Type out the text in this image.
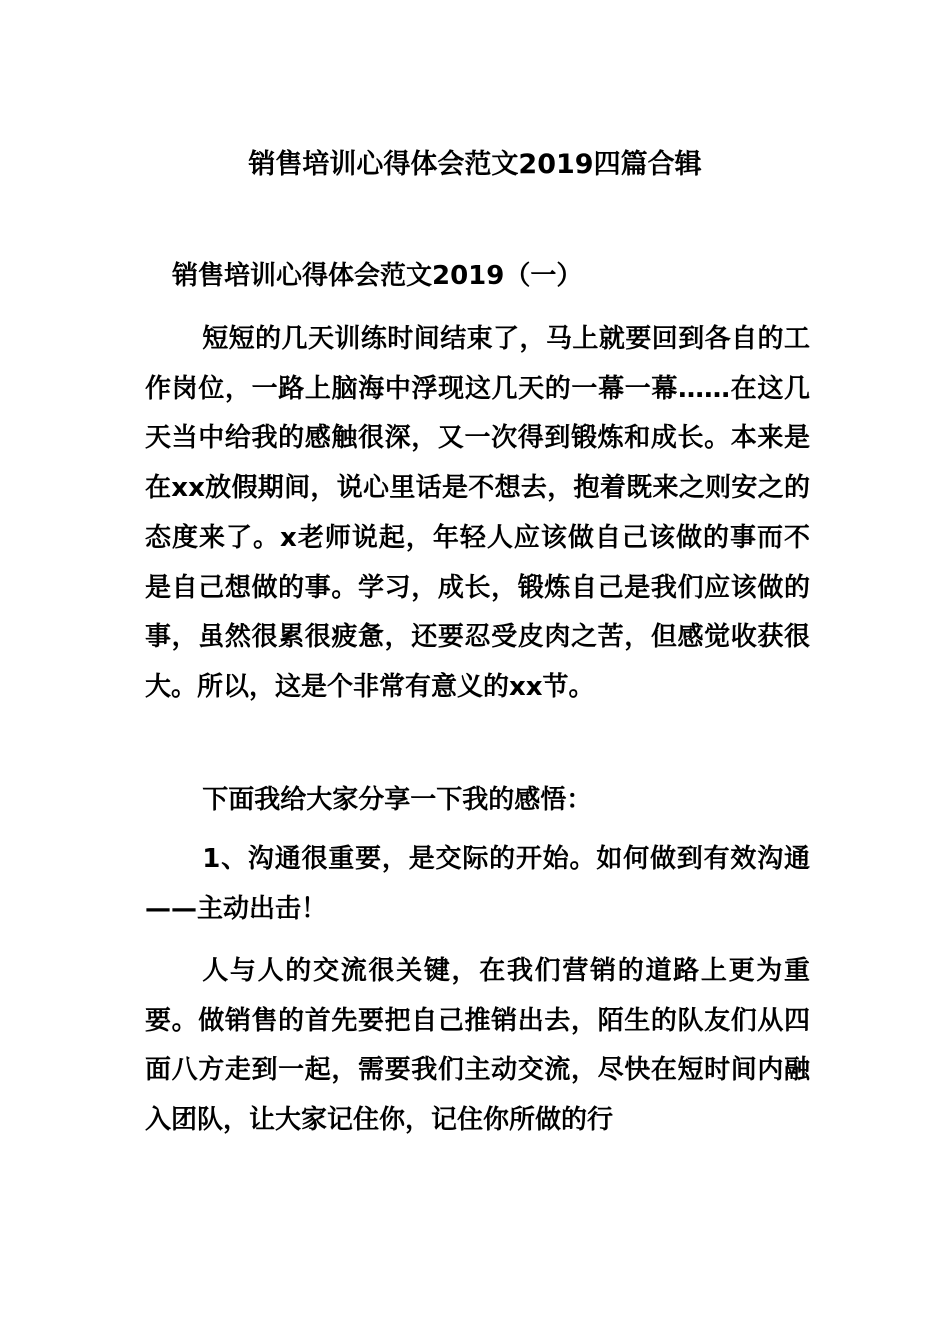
销售培训心得体会范文2019四篇合辑
销售培训心得体会范文2019（一）

短短的几天训练时间结束了，马上就要回到各自的工作岗位，一路上脑海中浮现这几天的一幕一幕……在这几天当中给我的感触很深，又一次得到锻炼和成长。本来是在xx放假期间，说心里话是不想去，抱着既来之则安之的态度来了。x老师说起，年轻人应该做自己该做的事而不是自己想做的事。学习，成长，锻炼自己是我们应该做的事，虽然很累很疲惫，还要忍受皮肉之苦，但感觉收获很大。所以，这是个非常有意义的xx节。

下面我给大家分享一下我的感悟：

1、沟通很重要，是交际的开始。如何做到有效沟通——主动出击！

人与人的交流很关键，在我们营销的道路上更为重要。做销售的首先要把自己推销出去，陌生的队友们从四面八方走到一起，需要我们主动交流，尽快在短时间内融入团队，让大家记住你，记住你所做的行
